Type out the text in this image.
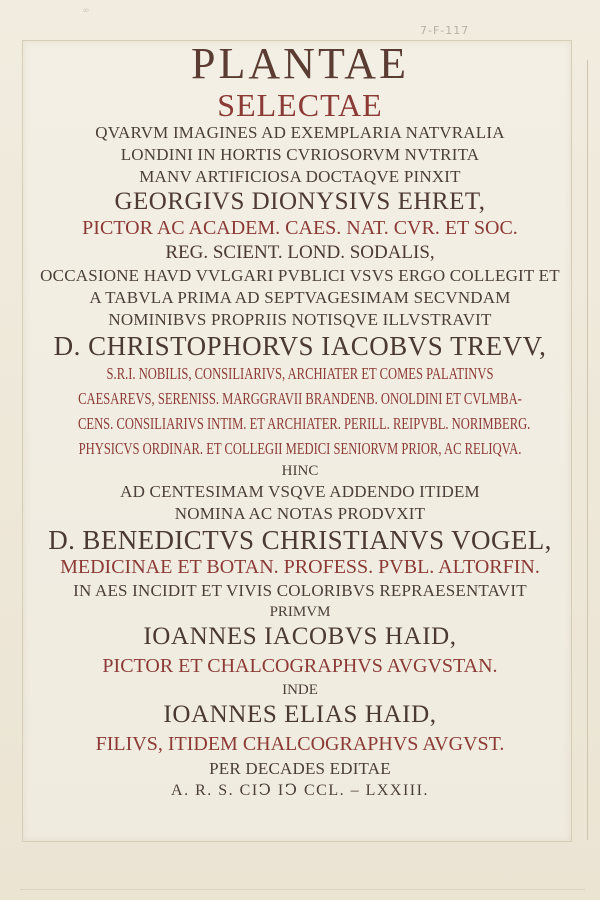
∞
7-F-117
PLANTAE
SELECTAE
QVARVM IMAGINES AD EXEMPLARIA NATVRALIA
LONDINI IN HORTIS CVRIOSORVM NVTRITA
MANV ARTIFICIOSA DOCTAQVE PINXIT
GEORGIVS DIONYSIVS EHRET,
PICTOR AC ACADEM. CAES. NAT. CVR. ET SOC.
REG. SCIENT. LOND. SODALIS,
OCCASIONE HAVD VVLGARI PVBLICI VSVS ERGO COLLEGIT ET
A TABVLA PRIMA AD SEPTVAGESIMAM SECVNDAM
NOMINIBVS PROPRIIS NOTISQVE ILLVSTRAVIT
D. CHRISTOPHORVS IACOBVS TREVV,
S.R.I. NOBILIS, CONSILIARIVS, ARCHIATER ET COMES PALATINVS
CAESAREVS, SERENISS. MARGGRAVII BRANDENB. ONOLDINI ET CVLMBA-
CENS. CONSILIARIVS INTIM. ET ARCHIATER. PERILL. REIPVBL. NORIMBERG.
PHYSICVS ORDINAR. ET COLLEGII MEDICI SENIORVM PRIOR, AC RELIQVA.
HINC
AD CENTESIMAM VSQVE ADDENDO ITIDEM
NOMINA AC NOTAS PRODVXIT
D. BENEDICTVS CHRISTIANVS VOGEL,
MEDICINAE ET BOTAN. PROFESS. PVBL. ALTORFIN.
IN AES INCIDIT ET VIVIS COLORIBVS REPRAESENTAVIT
PRIMVM
IOANNES IACOBVS HAID,
PICTOR ET CHALCOGRAPHVS AVGVSTAN.
INDE
IOANNES ELIAS HAID,
FILIVS, ITIDEM CHALCOGRAPHVS AVGVST.
PER DECADES EDITAE
A. R. S. CIↃ IↃ CCL. – LXXIII.
